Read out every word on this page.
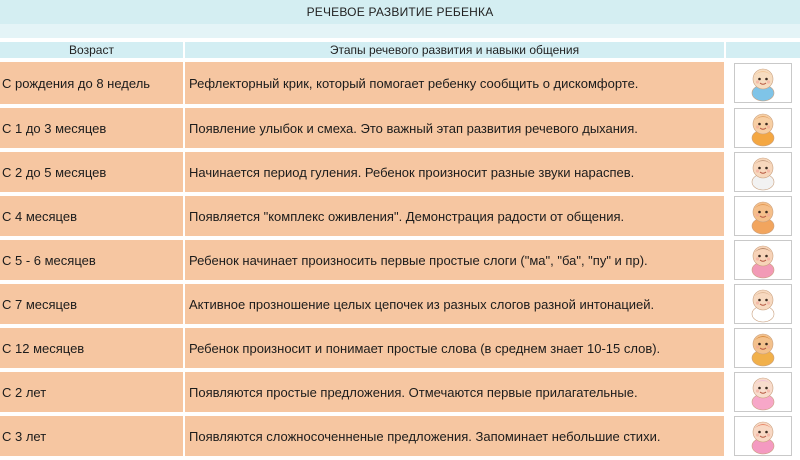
РЕЧЕВОЕ РАЗВИТИЕ РЕБЕНКА
Возраст	Этапы речевого развития и навыки общения	
С рождения до 8 недель	Рефлекторный крик, который помогает ребенку сообщить о дискомфорте.	

С 1 до 3 месяцев	Появление улыбок и смеха. Это важный этап развития речевого дыхания.	

С 2 до 5 месяцев	Начинается период гуления. Ребенок произносит разные звуки нараспев.	

С 4 месяцев	Появляется "комплекс оживления". Демонстрация радости от общения.	

С 5 - 6 месяцев	Ребенок начинает произносить первые простые слоги ("ма", "ба", "пу" и пр).	

С 7 месяцев	Активное прозношение целых цепочек из разных слогов разной интонацией.	

С 12 месяцев	Ребенок произносит и понимает простые слова (в среднем знает 10-15 слов).	

С 2 лет	Появляются простые предложения. Отмечаются первые прилагательные.	

С 3 лет	Появляются сложносоченненые предложения. Запоминает небольшие стихи.	
